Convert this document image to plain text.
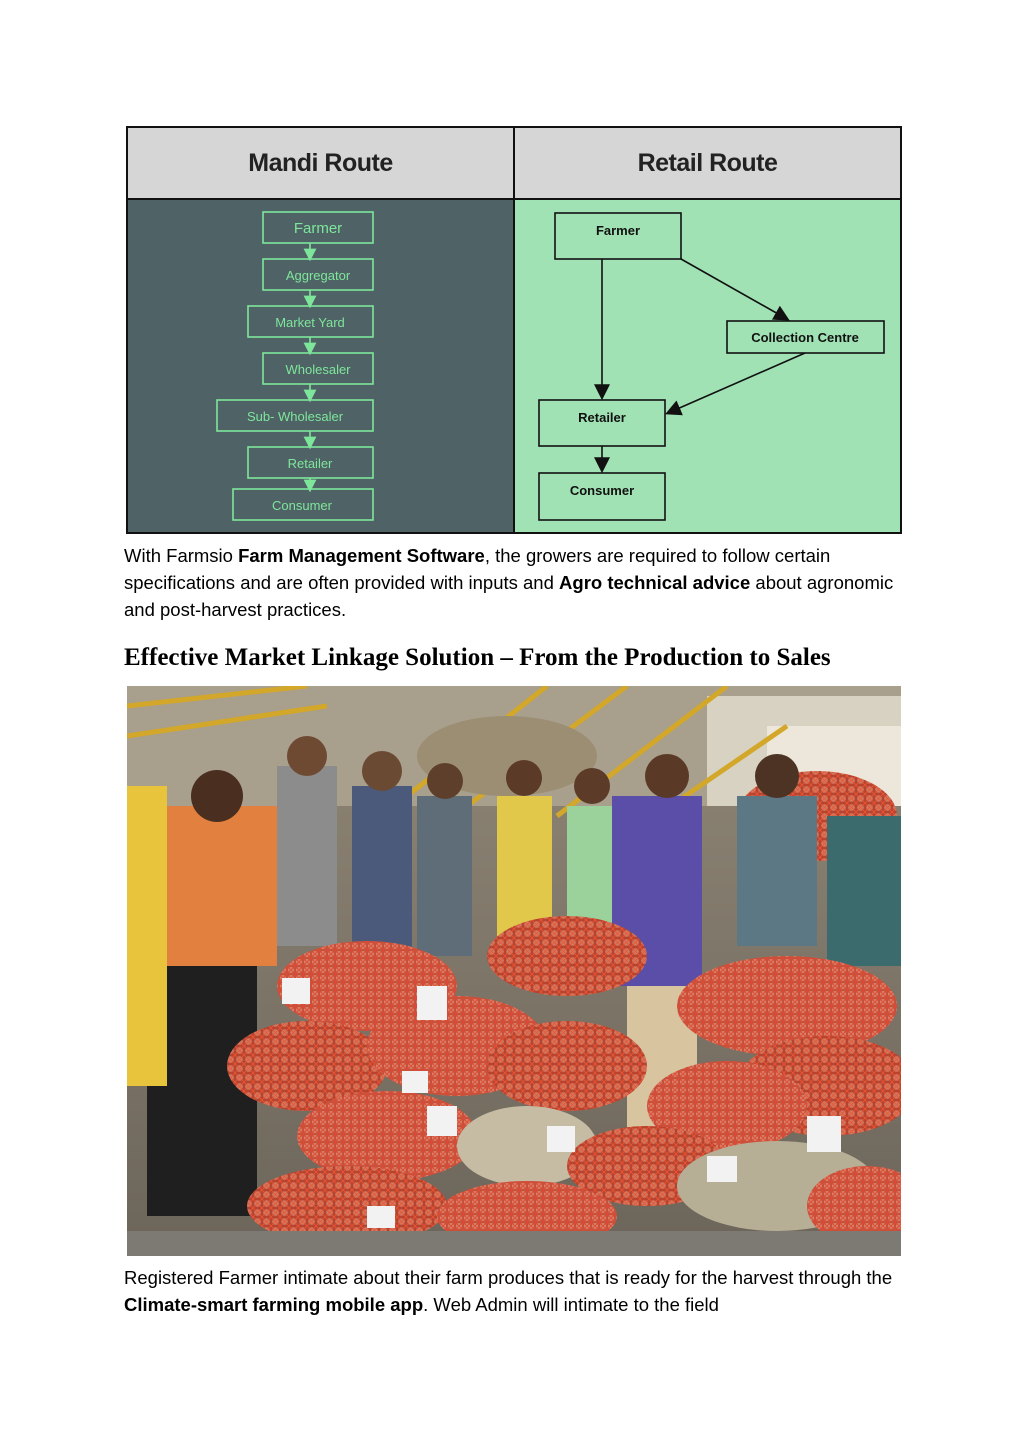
Mandi Route	Retail Route
Farmer
Aggregator
Market Yard
Wholesaler
Sub- Wholesaler
Retailer
Consumer
Farmer
Collection Centre
Retailer
Consumer

With Farmsio Farm Management Software, the growers are required to follow certain specifications and are often provided with inputs and Agro technical advice about agronomic and post-harvest practices.

Effective Market Linkage Solution – From the Production to Sales

Registered Farmer intimate about their farm produces that is ready for the harvest through the Climate-smart farming mobile app. Web Admin will intimate to the field
